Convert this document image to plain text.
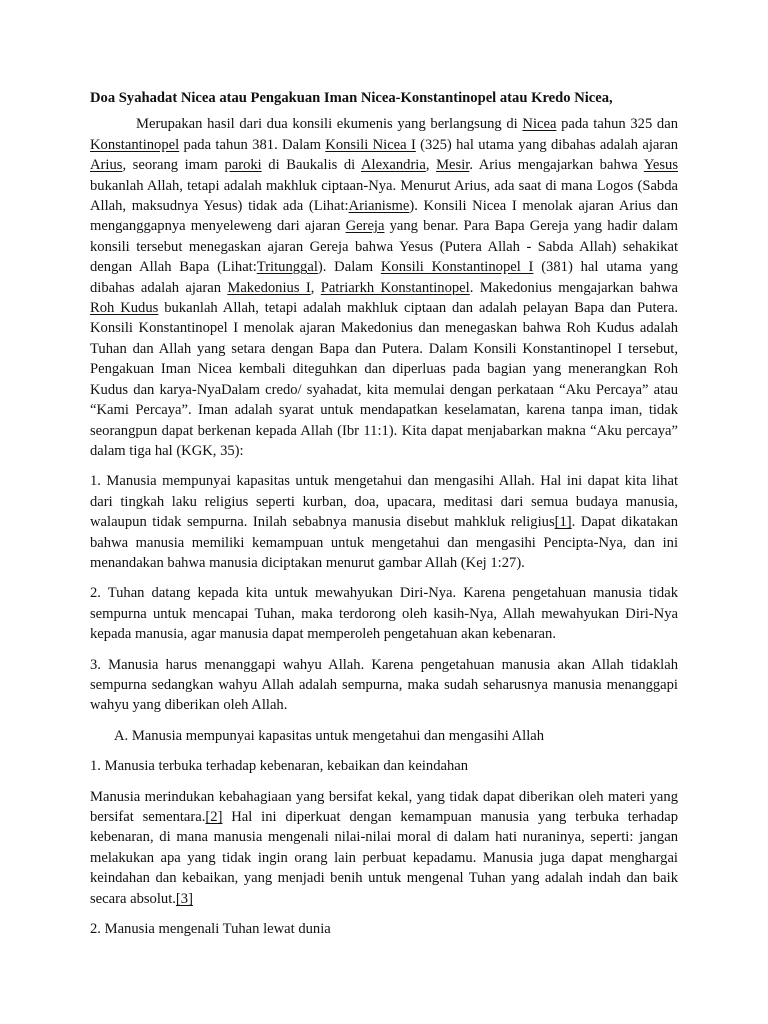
Doa Syahadat Nicea atau Pengakuan Iman Nicea-Konstantinopel atau Kredo Nicea,

Merupakan hasil dari dua konsili ekumenis yang berlangsung di Nicea pada tahun 325 dan Konstantinopel pada tahun 381. Dalam Konsili Nicea I (325) hal utama yang dibahas adalah ajaran Arius, seorang imam paroki di Baukalis di Alexandria, Mesir. Arius mengajarkan bahwa Yesus bukanlah Allah, tetapi adalah makhluk ciptaan-Nya. Menurut Arius, ada saat di mana Logos (Sabda Allah, maksudnya Yesus) tidak ada (Lihat:Arianisme). Konsili Nicea I menolak ajaran Arius dan menganggapnya menyeleweng dari ajaran Gereja yang benar. Para Bapa Gereja yang hadir dalam konsili tersebut menegaskan ajaran Gereja bahwa Yesus (Putera Allah - Sabda Allah) sehakikat dengan Allah Bapa (Lihat:Tritunggal). Dalam Konsili Konstantinopel I (381) hal utama yang dibahas adalah ajaran Makedonius I, Patriarkh Konstantinopel. Makedonius mengajarkan bahwa Roh Kudus bukanlah Allah, tetapi adalah makhluk ciptaan dan adalah pelayan Bapa dan Putera. Konsili Konstantinopel I menolak ajaran Makedonius dan menegaskan bahwa Roh Kudus adalah Tuhan dan Allah yang setara dengan Bapa dan Putera. Dalam Konsili Konstantinopel I tersebut, Pengakuan Iman Nicea kembali diteguhkan dan diperluas pada bagian yang menerangkan Roh Kudus dan karya-NyaDalam credo/ syahadat, kita memulai dengan perkataan “Aku Percaya” atau “Kami Percaya”. Iman adalah syarat untuk mendapatkan keselamatan, karena tanpa iman, tidak seorangpun dapat berkenan kepada Allah (Ibr 11:1). Kita dapat menjabarkan makna “Aku percaya” dalam tiga hal (KGK, 35):

1. Manusia mempunyai kapasitas untuk mengetahui dan mengasihi Allah. Hal ini dapat kita lihat dari tingkah laku religius seperti kurban, doa, upacara, meditasi dari semua budaya manusia, walaupun tidak sempurna. Inilah sebabnya manusia disebut mahkluk religius[1]. Dapat dikatakan bahwa manusia memiliki kemampuan untuk mengetahui dan mengasihi Pencipta-Nya, dan ini menandakan bahwa manusia diciptakan menurut gambar Allah (Kej 1:27).

2. Tuhan datang kepada kita untuk mewahyukan Diri-Nya. Karena pengetahuan manusia tidak sempurna untuk mencapai Tuhan, maka terdorong oleh kasih-Nya, Allah mewahyukan Diri-Nya kepada manusia, agar manusia dapat memperoleh pengetahuan akan kebenaran.

3. Manusia harus menanggapi wahyu Allah. Karena pengetahuan manusia akan Allah tidaklah sempurna sedangkan wahyu Allah adalah sempurna, maka sudah seharusnya manusia menanggapi wahyu yang diberikan oleh Allah.

A. Manusia mempunyai kapasitas untuk mengetahui dan mengasihi Allah

1. Manusia terbuka terhadap kebenaran, kebaikan dan keindahan

Manusia merindukan kebahagiaan yang bersifat kekal, yang tidak dapat diberikan oleh materi yang bersifat sementara.[2] Hal ini diperkuat dengan kemampuan manusia yang terbuka terhadap kebenaran, di mana manusia mengenali nilai-nilai moral di dalam hati nuraninya, seperti: jangan melakukan apa yang tidak ingin orang lain perbuat kepadamu. Manusia juga dapat menghargai keindahan dan kebaikan, yang menjadi benih untuk mengenal Tuhan yang adalah indah dan baik secara absolut.[3]

2. Manusia mengenali Tuhan lewat dunia
